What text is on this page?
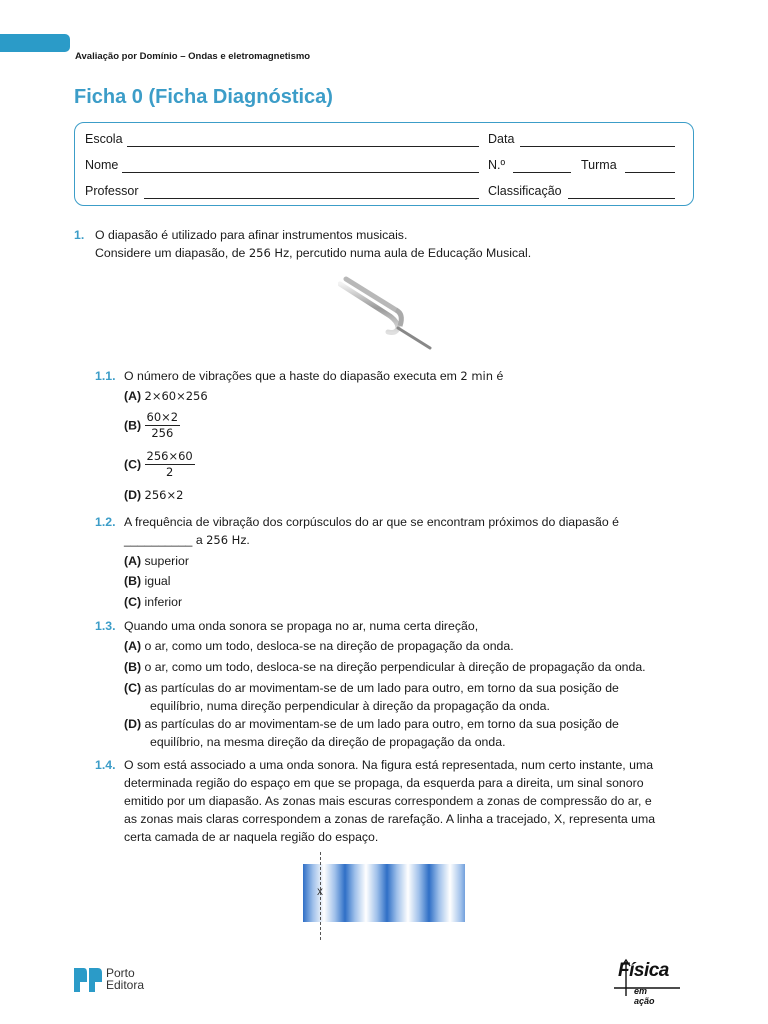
Avaliação por Domínio – Ondas e eletromagnetismo
Ficha 0 (Ficha Diagnóstica)
Escola	Data
Nome	N.º	Turma
Professor	Classificação
1. O diapasão é utilizado para afinar instrumentos musicais.
Considere um diapasão, de 256 Hz, percutido numa aula de Educação Musical.
1.1. O número de vibrações que a haste do diapasão executa em 2 min é
(A) 2×60×256
$(B) \frac{60\times 2}{256}$
$(C) \frac{256\times 60}{2}$
(D) 256×2
1.2. A frequência de vibração dos corpúsculos do ar que se encontram próximos do diapasão é
__________ a 256 Hz.
(A) superior
(B) igual
(C) inferior
1.3. Quando uma onda sonora se propaga no ar, numa certa direção,
(A) o ar, como um todo, desloca-se na direção de propagação da onda.
(B) o ar, como um todo, desloca-se na direção perpendicular à direção de propagação da onda.
(C) as partículas do ar movimentam-se de um lado para outro, em torno da sua posição de
equilíbrio, numa direção perpendicular à direção da propagação da onda.
(D) as partículas do ar movimentam-se de um lado para outro, em torno da sua posição de
equilíbrio, na mesma direção da direção de propagação da onda.
1.4. O som está associado a uma onda sonora. Na figura está representada, num certo instante, uma
determinada região do espaço em que se propaga, da esquerda para a direita, um sinal sonoro
emitido por um diapasão. As zonas mais escuras correspondem a zonas de compressão do ar, e
as zonas mais claras correspondem a zonas de rarefação. A linha a tracejado, X, representa uma
certa camada de ar naquela região do espaço.
X
Porto
Editora
Física
em ação
